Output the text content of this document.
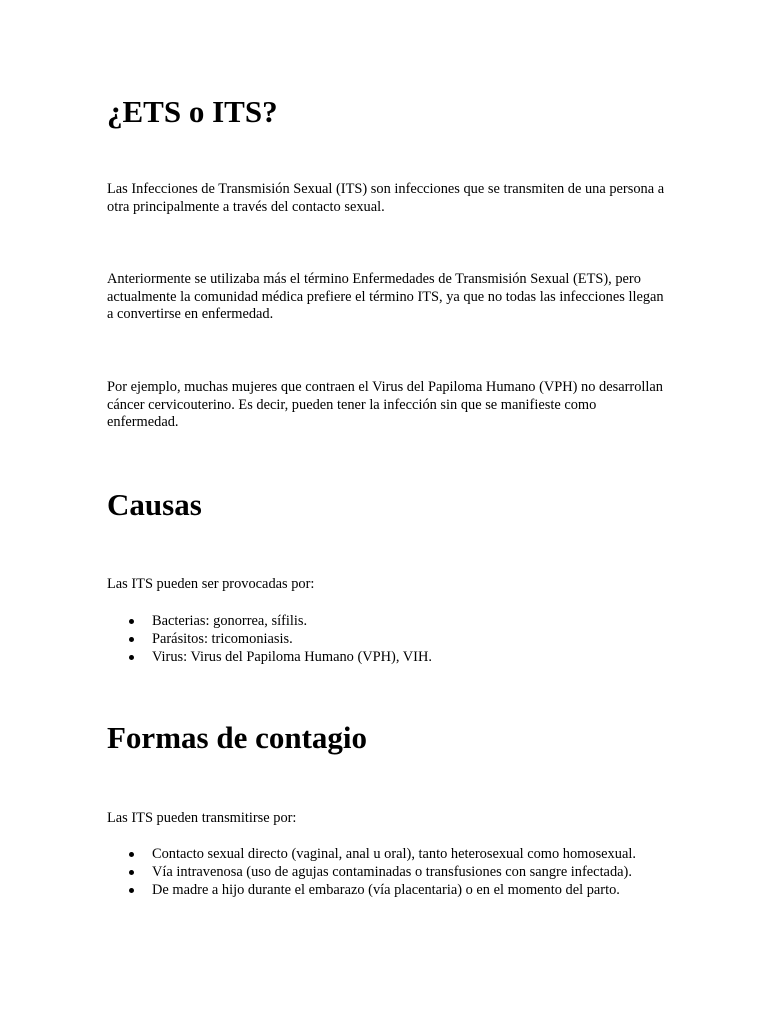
¿ETS o ITS?

Las Infecciones de Transmisión Sexual (ITS) son infecciones que se transmiten de una persona a otra principalmente a través del contacto sexual.

Anteriormente se utilizaba más el término Enfermedades de Transmisión Sexual (ETS), pero actualmente la comunidad médica prefiere el término ITS, ya que no todas las infecciones llegan a convertirse en enfermedad.

Por ejemplo, muchas mujeres que contraen el Virus del Papiloma Humano (VPH) no desarrollan cáncer cervicouterino. Es decir, pueden tener la infección sin que se manifieste como enfermedad.

Causas

Las ITS pueden ser provocadas por:

Bacterias: gonorrea, sífilis.
Parásitos: tricomoniasis.
Virus: Virus del Papiloma Humano (VPH), VIH.
Formas de contagio

Las ITS pueden transmitirse por:

Contacto sexual directo (vaginal, anal u oral), tanto heterosexual como homosexual.
Vía intravenosa (uso de agujas contaminadas o transfusiones con sangre infectada).
De madre a hijo durante el embarazo (vía placentaria) o en el momento del parto.
